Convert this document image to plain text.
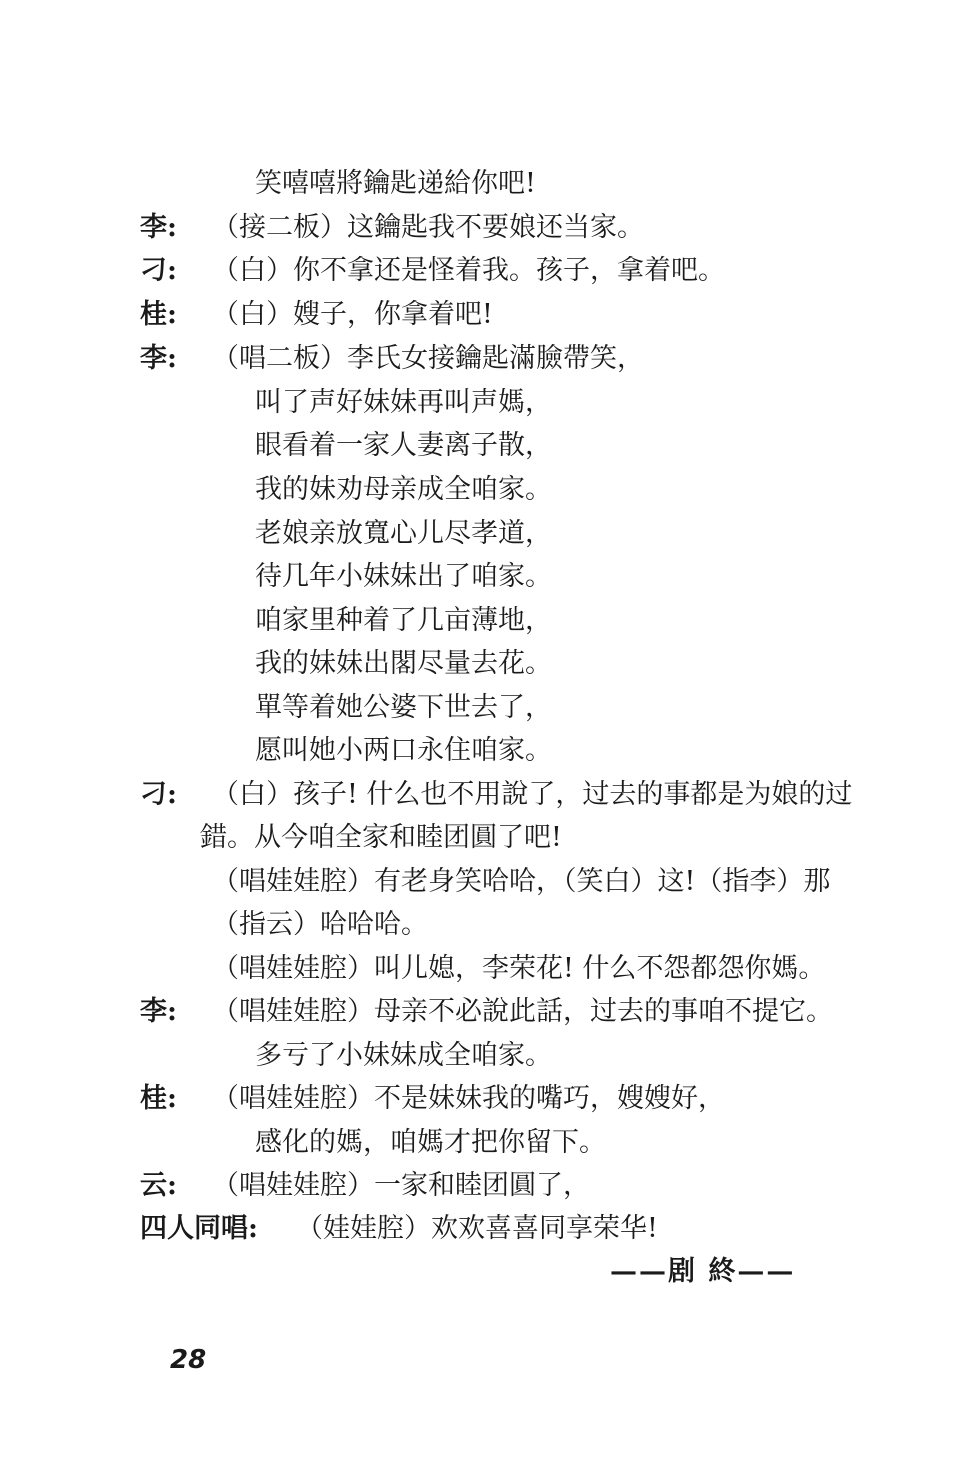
笑嘻嘻將鑰匙递給你吧!
李:	（接二板）这鑰匙我不要娘还当家。
刁:	（白）你不拿还是怪着我。孩子，拿着吧。
桂:	（白）嫂子，你拿着吧!
李:	（唱二板）李氏女接鑰匙滿臉帶笑，
叫了声好妹妹再叫声媽，
眼看着一家人妻离子散，
我的妹劝母亲成全咱家。
老娘亲放寬心儿尽孝道，
待几年小妹妹出了咱家。
咱家里种着了几亩薄地，
我的妹妹出閣尽量去花。
單等着她公婆下世去了，
愿叫她小两口永住咱家。
刁:	（白）孩子! 什么也不用說了，过去的事都是为娘的过
錯。从今咱全家和睦团圓了吧!
（唱娃娃腔）有老身笑哈哈，（笑白）这!（指李）那
（指云）哈哈哈。
（唱娃娃腔）叫儿媳，李荣花! 什么不怨都怨你媽。
李:	（唱娃娃腔）母亲不必說此話，过去的事咱不提它。
多亏了小妹妹成全咱家。
桂:	（唱娃娃腔）不是妹妹我的嘴巧，嫂嫂好，
感化的媽，咱媽才把你留下。
云:	（唱娃娃腔）一家和睦团圓了，
四人同唱:	（娃娃腔）欢欢喜喜同享荣华!
——剧 終——
28
